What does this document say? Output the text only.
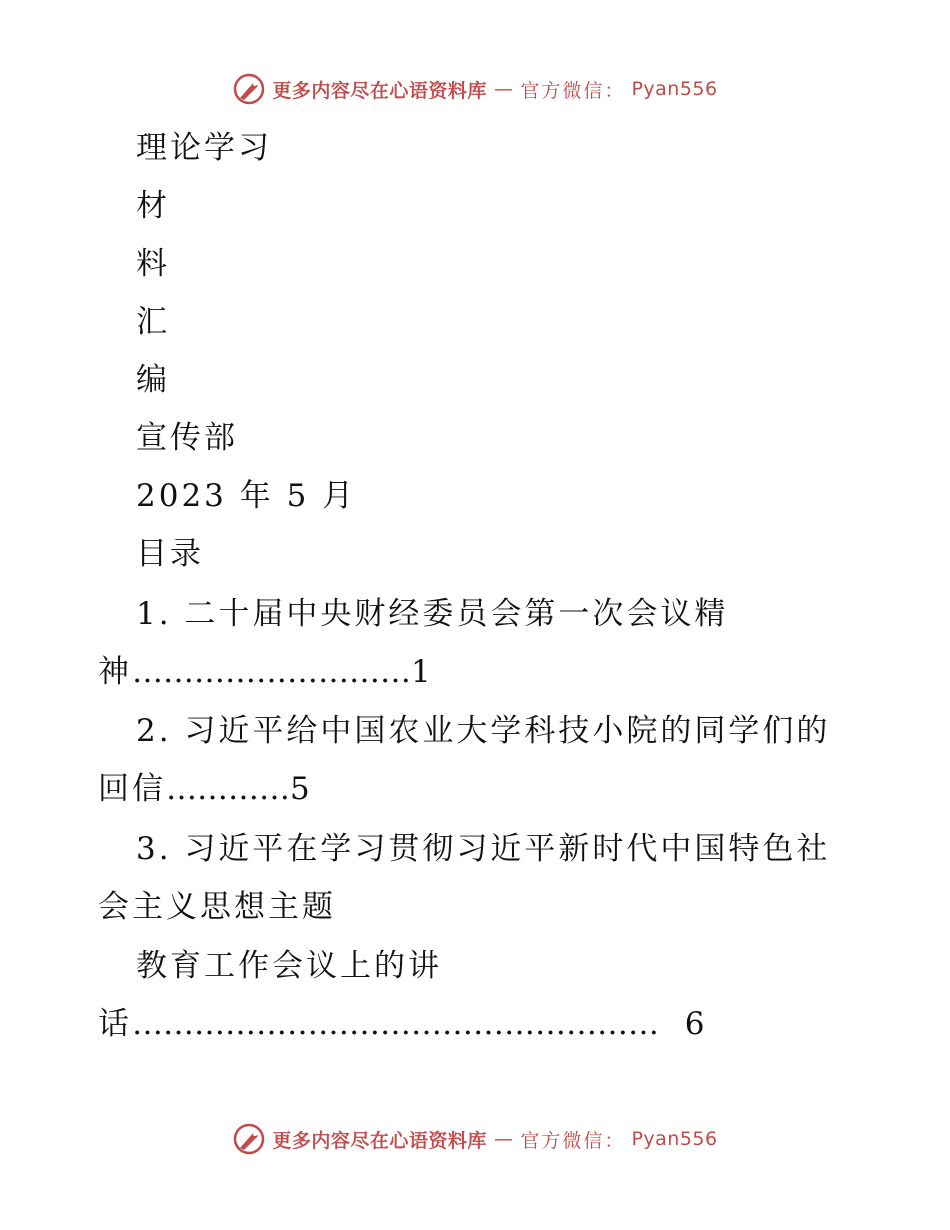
更多内容尽在心语资料库 — 官方微信： Pyan556
理论学习
材
料
汇
编
宣传部
2023 年 5 月
目录
1. 二十届中央财经委员会第一次会议精
神………………………1
2. 习近平给中国农业大学科技小院的同学们的
回信…………5
3. 习近平在学习贯彻习近平新时代中国特色社
会主义思想主题
教育工作会议上的讲
话…………………………………………… 6
更多内容尽在心语资料库 — 官方微信： Pyan556
